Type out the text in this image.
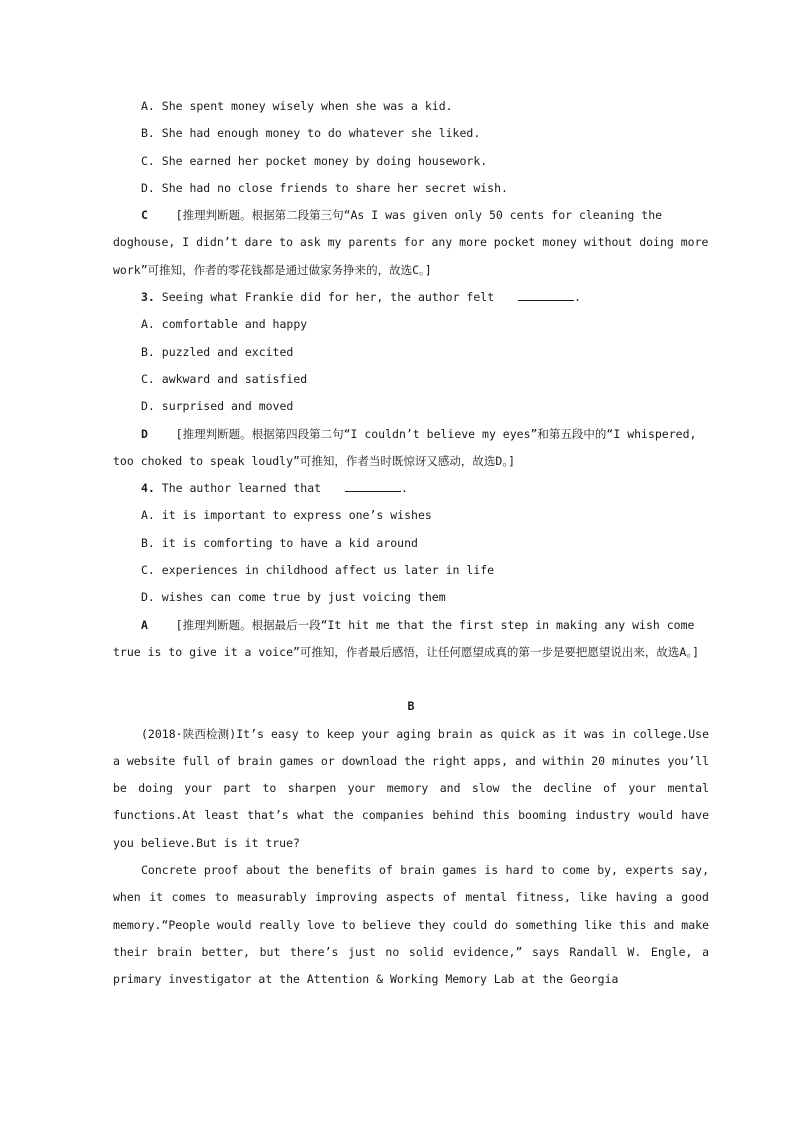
A. She spent money wisely when she was a kid.
B. She had enough money to do whatever she liked.
C. She earned her pocket money by doing housework.
D. She had no close friends to share her secret wish.
C [推理判断题。根据第二段第三句“As I was given only 50 cents for cleaning the doghouse, I didn’t dare to ask my parents for any more pocket money without doing more work”可推知，作者的零花钱都是通过做家务挣来的，故选C。]
3. Seeing what Frankie did for her, the author felt	.
A. comfortable and happy
B. puzzled and excited
C. awkward and satisfied
D. surprised and moved
D [推理判断题。根据第四段第二句“I couldn’t believe my eyes”和第五段中的“I whispered, too choked to speak loudly”可推知，作者当时既惊讶又感动，故选D。]
4. The author learned that	.
A. it is important to express one’s wishes
B. it is comforting to have a kid around
C. experiences in childhood affect us later in life
D. wishes can come true by just voicing them
A [推理判断题。根据最后一段“It hit me that the first step in making any wish come true is to give it a voice”可推知，作者最后感悟，让任何愿望成真的第一步是要把愿望说出来，故选A。]
B
(2018·陕西检测)It’s easy to keep your aging brain as quick as it was in college.Use a website full of brain games or download the right apps, and within 20 minutes you’ll be doing your part to sharpen your memory and slow the decline of your mental functions.At least that’s what the companies behind this booming industry would have you believe.But is it true?
Concrete proof about the benefits of brain games is hard to come by, experts say, when it comes to measurably improving aspects of mental fitness, like having a good memory.“People would really love to believe they could do something like this and make their brain better, but there’s just no solid evidence,” says Randall W. Engle, a primary investigator at the Attention & Working Memory Lab at the Georgia
